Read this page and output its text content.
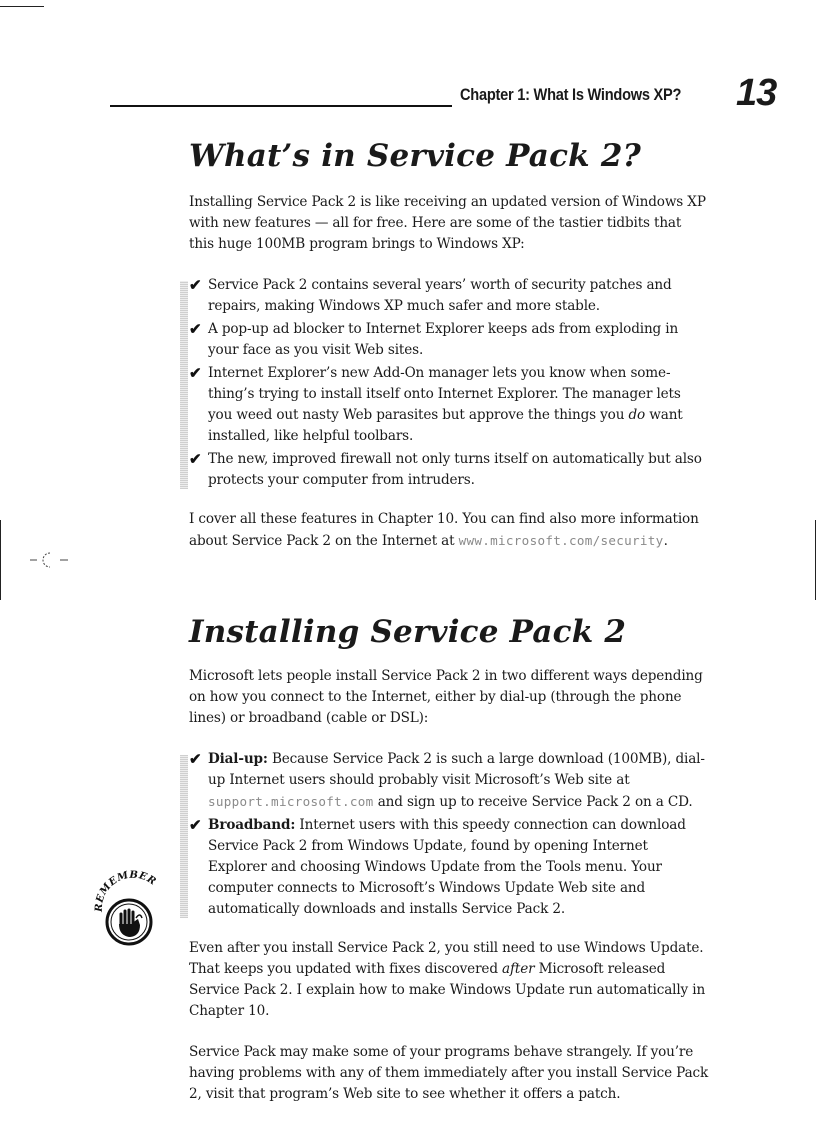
Chapter 1: What Is Windows XP? 13
REMEMBER
What’s in Service Pack 2?

Installing Service Pack 2 is like receiving an updated version of Windows XP with new features — all for free. Here are some of the tastier tidbits that this huge 100MB program brings to Windows XP:

✔ Service Pack 2 contains several years’ worth of security patches and repairs, making Windows XP much safer and more stable.
✔ A pop-up ad blocker to Internet Explorer keeps ads from exploding in your face as you visit Web sites.
✔ Internet Explorer’s new Add-On manager lets you know when some-thing’s trying to install itself onto Internet Explorer. The manager lets you weed out nasty Web parasites but approve the things you do want installed, like helpful toolbars.
✔ The new, improved firewall not only turns itself on automatically but also protects your computer from intruders.

I cover all these features in Chapter 10. You can find also more information about Service Pack 2 on the Internet at www.microsoft.com/security.

Installing Service Pack 2

Microsoft lets people install Service Pack 2 in two different ways depending on how you connect to the Internet, either by dial-up (through the phone lines) or broadband (cable or DSL):

✔ Dial-up: Because Service Pack 2 is such a large download (100MB), dial-up Internet users should probably visit Microsoft’s Web site at support.microsoft.com and sign up to receive Service Pack 2 on a CD.
✔ Broadband: Internet users with this speedy connection can download Service Pack 2 from Windows Update, found by opening Internet Explorer and choosing Windows Update from the Tools menu. Your computer connects to Microsoft’s Windows Update Web site and automatically downloads and installs Service Pack 2.

Even after you install Service Pack 2, you still need to use Windows Update. That keeps you updated with fixes discovered after Microsoft released Service Pack 2. I explain how to make Windows Update run automatically in Chapter 10.

Service Pack may make some of your programs behave strangely. If you’re having problems with any of them immediately after you install Service Pack 2, visit that program’s Web site to see whether it offers a patch.
